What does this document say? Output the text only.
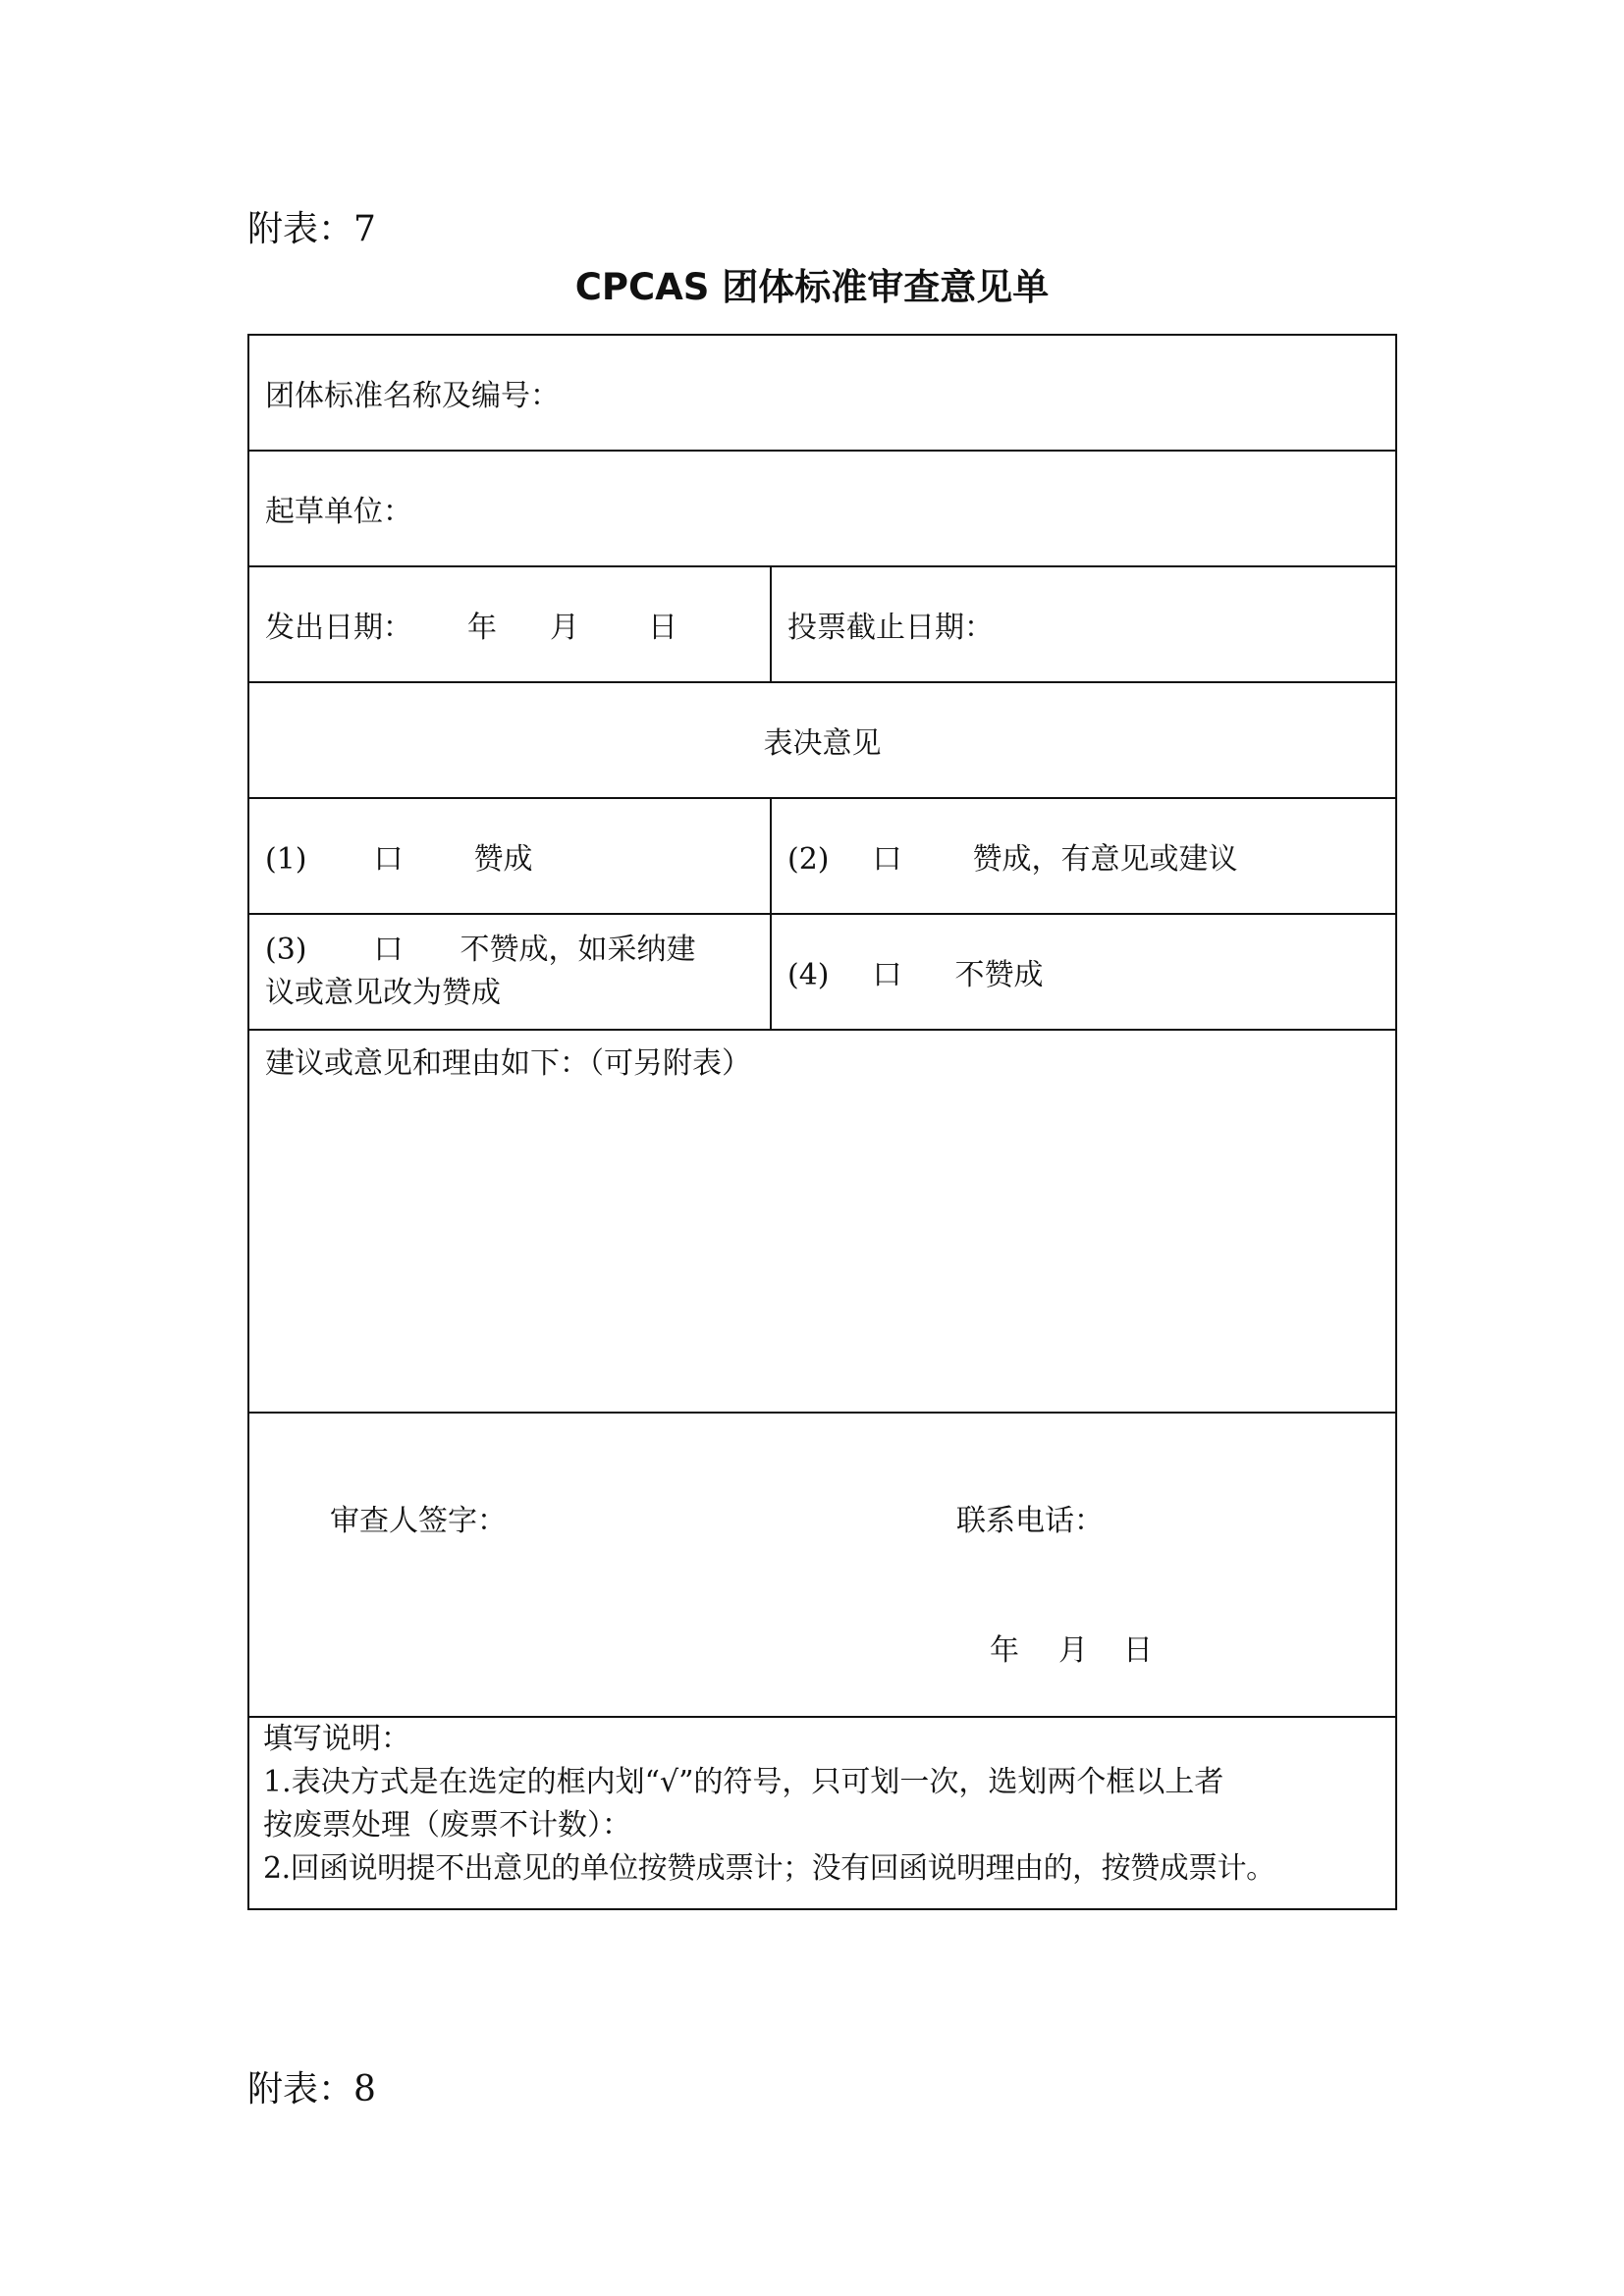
附表：7
CPCAS 团体标准审查意见单
团体标准名称及编号：	
起草单位：	
发出日期： 年 月 日	投票截止日期：
表决意见	
(1) 口 赞成	(2) 口 赞成，有意见或建议

(3) 口 不赞成，如采纳建
议或意见改为赞成	(4) 口 不赞成
建议或意见和理由如下：（可另附表）	

审查人签字： 联系电话：
年 月 日	

填写说明：

1.表决方式是在选定的框内划“√”的符号，只可划一次，选划两个框以上者

按废票处理（废票不计数）：

2.回函说明提不出意见的单位按赞成票计；没有回函说明理由的，按赞成票计。	

附表：8
